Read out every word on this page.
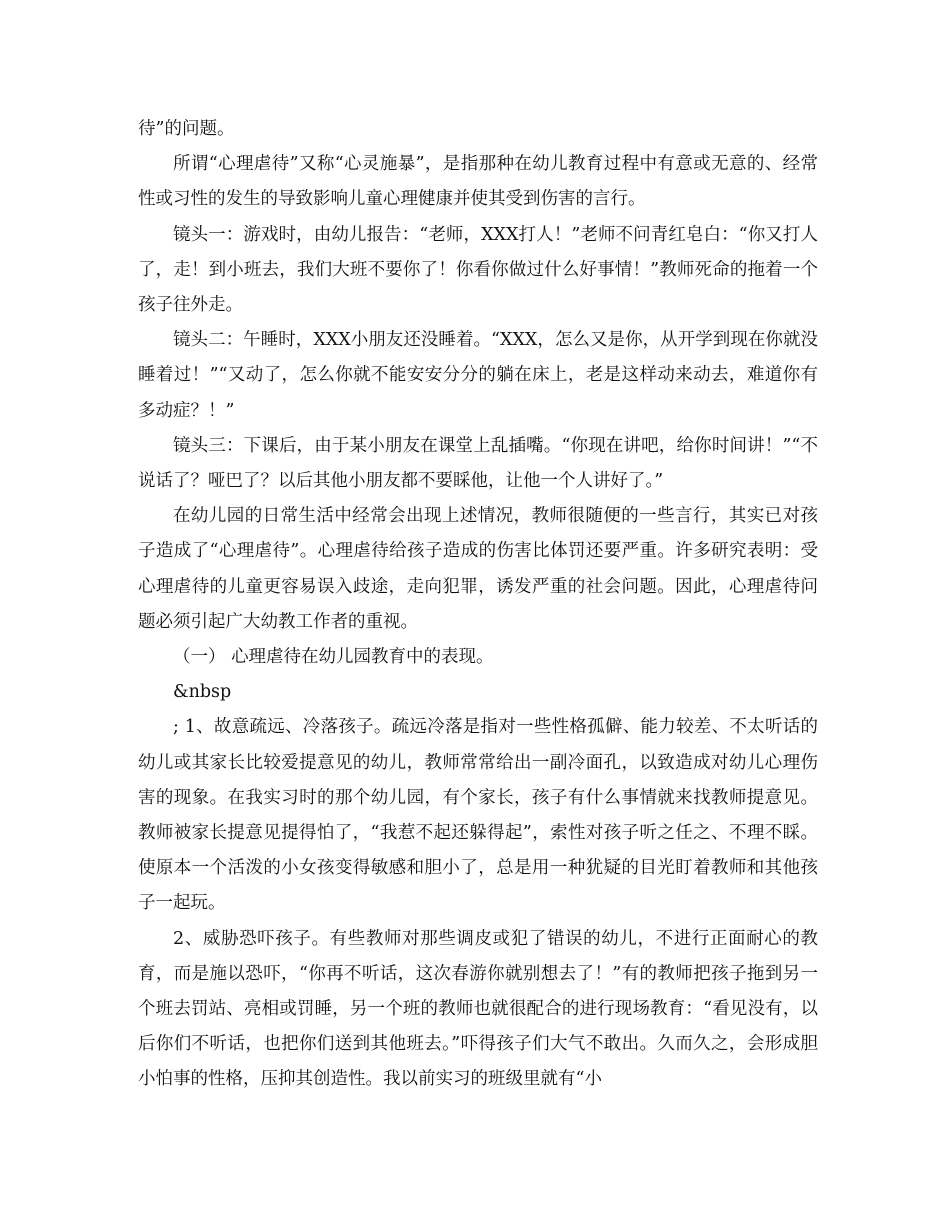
待”的问题。

所谓“心理虐待”又称“心灵施暴”，是指那种在幼儿教育过程中有意或无意的、经常性或习性的发生的导致影响儿童心理健康并使其受到伤害的言行。

镜头一：游戏时，由幼儿报告：“老师，XXX打人！”老师不问青红皂白：“你又打人了，走！到小班去，我们大班不要你了！你看你做过什么好事情！”教师死命的拖着一个孩子往外走。

镜头二：午睡时，XXX小朋友还没睡着。“XXX，怎么又是你，从开学到现在你就没睡着过！”“又动了，怎么你就不能安安分分的躺在床上，老是这样动来动去，难道你有多动症？！”

镜头三：下课后，由于某小朋友在课堂上乱插嘴。“你现在讲吧，给你时间讲！”“不说话了？哑巴了？以后其他小朋友都不要睬他，让他一个人讲好了。”

在幼儿园的日常生活中经常会出现上述情况，教师很随便的一些言行，其实已对孩子造成了“心理虐待”。心理虐待给孩子造成的伤害比体罚还要严重。许多研究表明：受心理虐待的儿童更容易误入歧途，走向犯罪，诱发严重的社会问题。因此，心理虐待问题必须引起广大幼教工作者的重视。

（一） 心理虐待在幼儿园教育中的表现。

&nbsp

; 1、故意疏远、冷落孩子。疏远冷落是指对一些性格孤僻、能力较差、不太听话的幼儿或其家长比较爱提意见的幼儿，教师常常给出一副冷面孔，以致造成对幼儿心理伤害的现象。在我实习时的那个幼儿园，有个家长，孩子有什么事情就来找教师提意见。教师被家长提意见提得怕了，“我惹不起还躲得起”，索性对孩子听之任之、不理不睬。使原本一个活泼的小女孩变得敏感和胆小了，总是用一种犹疑的目光盯着教师和其他孩子一起玩。

2、威胁恐吓孩子。有些教师对那些调皮或犯了错误的幼儿，不进行正面耐心的教育，而是施以恐吓，“你再不听话，这次春游你就别想去了！”有的教师把孩子拖到另一个班去罚站、亮相或罚睡，另一个班的教师也就很配合的进行现场教育：“看见没有，以后你们不听话，也把你们送到其他班去。”吓得孩子们大气不敢出。久而久之，会形成胆小怕事的性格，压抑其创造性。我以前实习的班级里就有“小
